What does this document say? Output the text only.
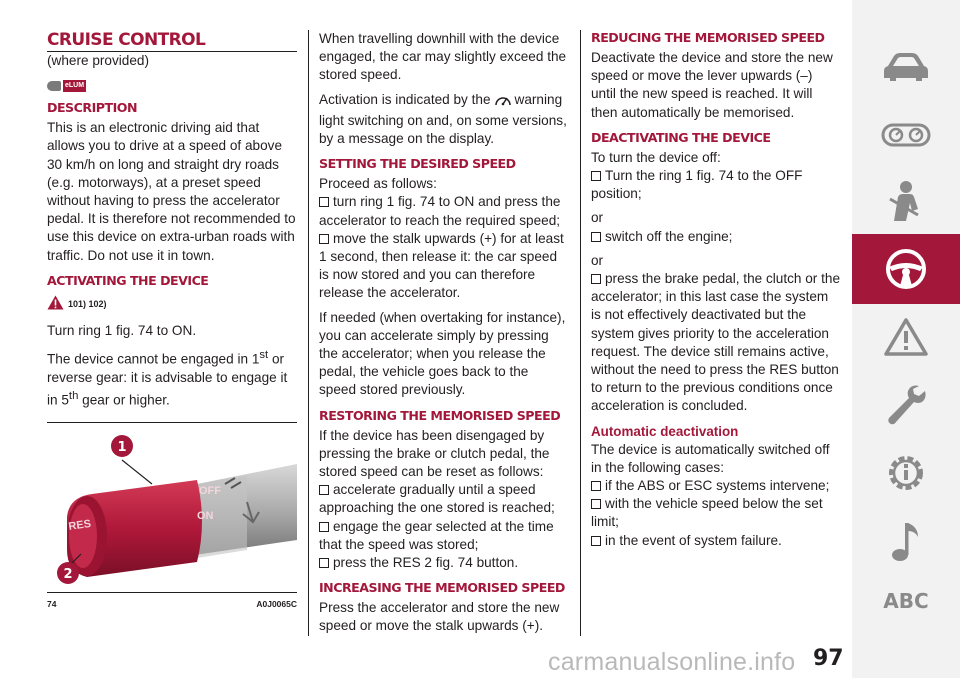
CRUISE CONTROL

(where provided)

eLUM
DESCRIPTION

This is an electronic driving aid that allows you to drive at a speed of above 30 km/h on long and straight dry roads (e.g. motorways), at a preset speed without having to press the accelerator pedal. It is therefore not recommended to use this device on extra-urban roads with traffic. Do not use it in town.

ACTIVATING THE DEVICE
101) 102)

Turn ring 1 fig. 74 to ON.

The device cannot be engaged in 1st or reverse gear: it is advisable to engage it in 5th gear or higher.

OFF
ON
RES
1
2
74	A0J0065C

When travelling downhill with the device engaged, the car may slightly exceed the stored speed.

Activation is indicated by the warning light switching on and, on some versions, by a message on the display.

SETTING THE DESIRED SPEED

Proceed as follows:

turn ring 1 fig. 74 to ON and press the accelerator to reach the required speed;

move the stalk upwards (+) for at least 1 second, then release it: the car speed is now stored and you can therefore release the accelerator.

If needed (when overtaking for instance), you can accelerate simply by pressing the accelerator; when you release the pedal, the vehicle goes back to the speed stored previously.

RESTORING THE MEMORISED SPEED

If the device has been disengaged by pressing the brake or clutch pedal, the stored speed can be reset as follows:

accelerate gradually until a speed approaching the one stored is reached;

engage the gear selected at the time that the speed was stored;

press the RES 2 fig. 74 button.

INCREASING THE MEMORISED SPEED

Press the accelerator and store the new speed or move the stalk upwards (+).

REDUCING THE MEMORISED SPEED

Deactivate the device and store the new speed or move the lever upwards (–) until the new speed is reached. It will then automatically be memorised.

DEACTIVATING THE DEVICE

To turn the device off:

Turn the ring 1 fig. 74 to the OFF position;

or

switch off the engine;

or

press the brake pedal, the clutch or the accelerator; in this last case the system is not effectively deactivated but the system gives priority to the acceleration request. The device still remains active, without the need to press the RES button to return to the previous conditions once acceleration is concluded.

Automatic deactivation

The device is automatically switched off in the following cases:

if the ABS or ESC systems intervene;

with the vehicle speed below the set limit;

in the event of system failure.

ABC
carmanualsonline.info 97
